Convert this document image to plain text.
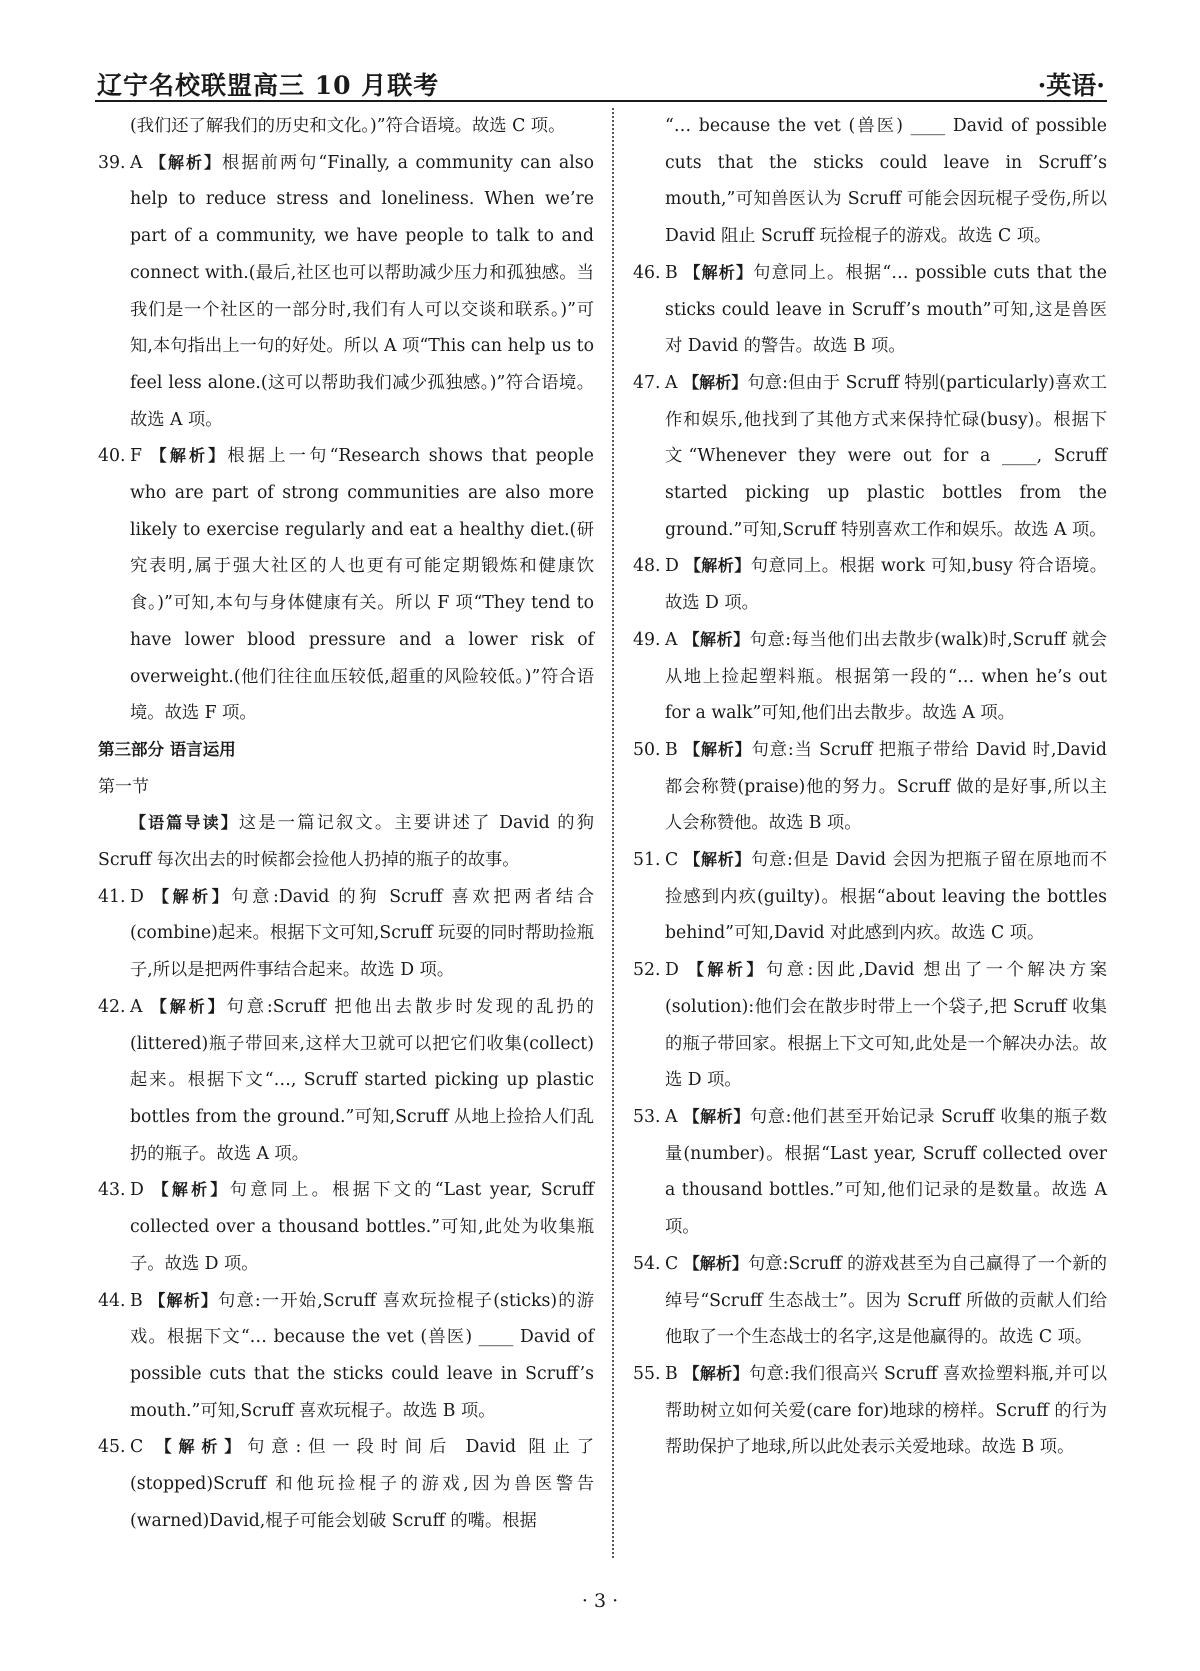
辽宁名校联盟高三 10 月联考	·英语·

(我们还了解我们的历史和文化。)”符合语境。故选 C 项。

39. A 【解析】根据前两句“Finally, a community can also help to reduce stress and loneliness. When we’re part of a community, we have people to talk to and connect with.(最后,社区也可以帮助减少压力和孤独感。当我们是一个社区的一部分时,我们有人可以交谈和联系。)”可知,本句指出上一句的好处。所以 A 项“This can help us to feel less alone.(这可以帮助我们减少孤独感。)”符合语境。故选 A 项。

40. F 【解析】根据上一句“Research shows that people who are part of strong communities are also more likely to exercise regularly and eat a healthy diet.(研究表明,属于强大社区的人也更有可能定期锻炼和健康饮食。)”可知,本句与身体健康有关。所以 F 项“They tend to have lower blood pressure and a lower risk of overweight.(他们往往血压较低,超重的风险较低。)”符合语境。故选 F 项。

第三部分 语言运用

第一节

【语篇导读】这是一篇记叙文。主要讲述了 David 的狗 Scruff 每次出去的时候都会捡他人扔掉的瓶子的故事。

41. D 【解析】句意:David 的狗 Scruff 喜欢把两者结合(combine)起来。根据下文可知,Scruff 玩耍的同时帮助捡瓶子,所以是把两件事结合起来。故选 D 项。

42. A 【解析】句意:Scruff 把他出去散步时发现的乱扔的(littered)瓶子带回来,这样大卫就可以把它们收集(collect)起来。根据下文“…, Scruff started picking up plastic bottles from the ground.”可知,Scruff 从地上捡拾人们乱扔的瓶子。故选 A 项。

43. D 【解析】句意同上。根据下文的“Last year, Scruff collected over a thousand bottles.”可知,此处为收集瓶子。故选 D 项。

44. B 【解析】句意:一开始,Scruff 喜欢玩捡棍子(sticks)的游戏。根据下文“… because the vet (兽医) ____ David of possible cuts that the sticks could leave in Scruff’s mouth.”可知,Scruff 喜欢玩棍子。故选 B 项。

45. C 【解析】句意:但一段时间后 David 阻止了(stopped)Scruff 和他玩捡棍子的游戏,因为兽医警告(warned)David,棍子可能会划破 Scruff 的嘴。根据

“… because the vet (兽医) ____ David of possible cuts that the sticks could leave in Scruff’s mouth,”可知兽医认为 Scruff 可能会因玩棍子受伤,所以 David 阻止 Scruff 玩捡棍子的游戏。故选 C 项。

46. B 【解析】句意同上。根据“… possible cuts that the sticks could leave in Scruff’s mouth”可知,这是兽医对 David 的警告。故选 B 项。

47. A 【解析】句意:但由于 Scruff 特别(particularly)喜欢工作和娱乐,他找到了其他方式来保持忙碌(busy)。根据下文“Whenever they were out for a ____, Scruff started picking up plastic bottles from the ground.”可知,Scruff 特别喜欢工作和娱乐。故选 A 项。

48. D 【解析】句意同上。根据 work 可知,busy 符合语境。故选 D 项。

49. A 【解析】句意:每当他们出去散步(walk)时,Scruff 就会从地上捡起塑料瓶。根据第一段的“… when he’s out for a walk”可知,他们出去散步。故选 A 项。

50. B 【解析】句意:当 Scruff 把瓶子带给 David 时,David 都会称赞(praise)他的努力。Scruff 做的是好事,所以主人会称赞他。故选 B 项。

51. C 【解析】句意:但是 David 会因为把瓶子留在原地而不捡感到内疚(guilty)。根据“about leaving the bottles behind”可知,David 对此感到内疚。故选 C 项。

52. D 【解析】句意:因此,David 想出了一个解决方案(solution):他们会在散步时带上一个袋子,把 Scruff 收集的瓶子带回家。根据上下文可知,此处是一个解决办法。故选 D 项。

53. A 【解析】句意:他们甚至开始记录 Scruff 收集的瓶子数量(number)。根据“Last year, Scruff collected over a thousand bottles.”可知,他们记录的是数量。故选 A 项。

54. C 【解析】句意:Scruff 的游戏甚至为自己赢得了一个新的绰号“Scruff 生态战士”。因为 Scruff 所做的贡献人们给他取了一个生态战士的名字,这是他赢得的。故选 C 项。

55. B 【解析】句意:我们很高兴 Scruff 喜欢捡塑料瓶,并可以帮助树立如何关爱(care for)地球的榜样。Scruff 的行为帮助保护了地球,所以此处表示关爱地球。故选 B 项。

· 3 ·
